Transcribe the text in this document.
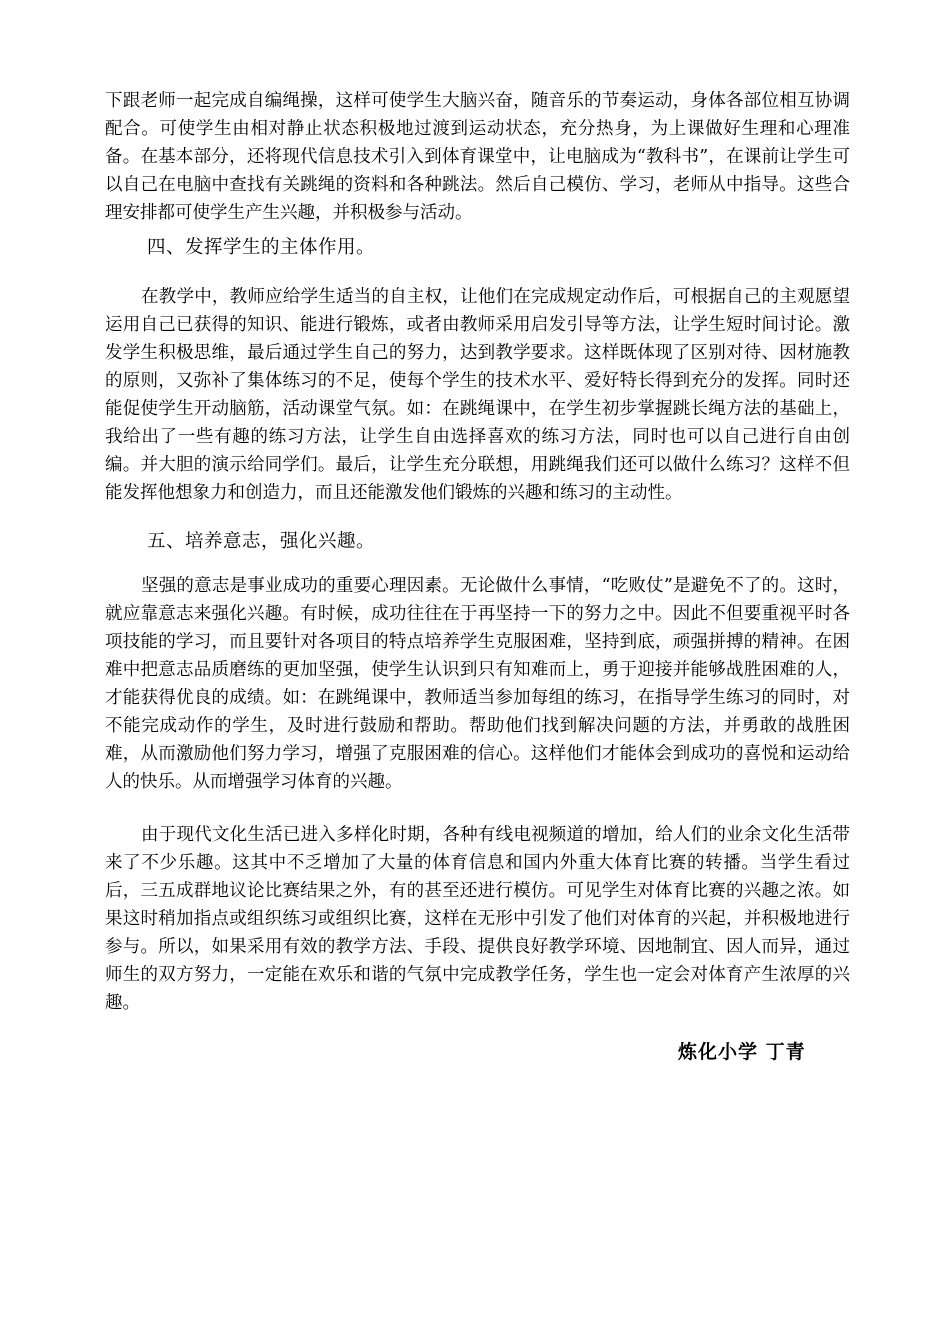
下跟老师一起完成自编绳操，这样可使学生大脑兴奋，随音乐的节奏运动，身体各部位相互协调配合。可使学生由相对静止状态积极地过渡到运动状态，充分热身，为上课做好生理和心理准备。在基本部分，还将现代信息技术引入到体育课堂中，让电脑成为“教科书”，在课前让学生可以自己在电脑中查找有关跳绳的资料和各种跳法。然后自己模仿、学习，老师从中指导。这些合理安排都可使学生产生兴趣，并积极参与活动。

四、发挥学生的主体作用。

在教学中，教师应给学生适当的自主权，让他们在完成规定动作后，可根据自己的主观愿望运用自己已获得的知识、能进行锻炼，或者由教师采用启发引导等方法，让学生短时间讨论。激发学生积极思维，最后通过学生自己的努力，达到教学要求。这样既体现了区别对待、因材施教的原则，又弥补了集体练习的不足，使每个学生的技术水平、爱好特长得到充分的发挥。同时还能促使学生开动脑筋，活动课堂气氛。如：在跳绳课中，在学生初步掌握跳长绳方法的基础上，我给出了一些有趣的练习方法，让学生自由选择喜欢的练习方法，同时也可以自己进行自由创编。并大胆的演示给同学们。最后，让学生充分联想，用跳绳我们还可以做什么练习？这样不但能发挥他想象力和创造力，而且还能激发他们锻炼的兴趣和练习的主动性。

五、培养意志，强化兴趣。

坚强的意志是事业成功的重要心理因素。无论做什么事情，“吃败仗”是避免不了的。这时，就应靠意志来强化兴趣。有时候，成功往往在于再坚持一下的努力之中。因此不但要重视平时各项技能的学习，而且要针对各项目的特点培养学生克服困难，坚持到底，顽强拼搏的精神。在困难中把意志品质磨练的更加坚强，使学生认识到只有知难而上，勇于迎接并能够战胜困难的人，才能获得优良的成绩。如：在跳绳课中，教师适当参加每组的练习，在指导学生练习的同时，对不能完成动作的学生，及时进行鼓励和帮助。帮助他们找到解决问题的方法，并勇敢的战胜困难，从而激励他们努力学习，增强了克服困难的信心。这样他们才能体会到成功的喜悦和运动给人的快乐。从而增强学习体育的兴趣。

由于现代文化生活已进入多样化时期，各种有线电视频道的增加，给人们的业余文化生活带来了不少乐趣。这其中不乏增加了大量的体育信息和国内外重大体育比赛的转播。当学生看过后，三五成群地议论比赛结果之外，有的甚至还进行模仿。可见学生对体育比赛的兴趣之浓。如果这时稍加指点或组织练习或组织比赛，这样在无形中引发了他们对体育的兴起，并积极地进行参与。所以，如果采用有效的教学方法、手段、提供良好教学环境、因地制宜、因人而异，通过师生的双方努力，一定能在欢乐和谐的气氛中完成教学任务，学生也一定会对体育产生浓厚的兴趣。

炼化小学 丁青
